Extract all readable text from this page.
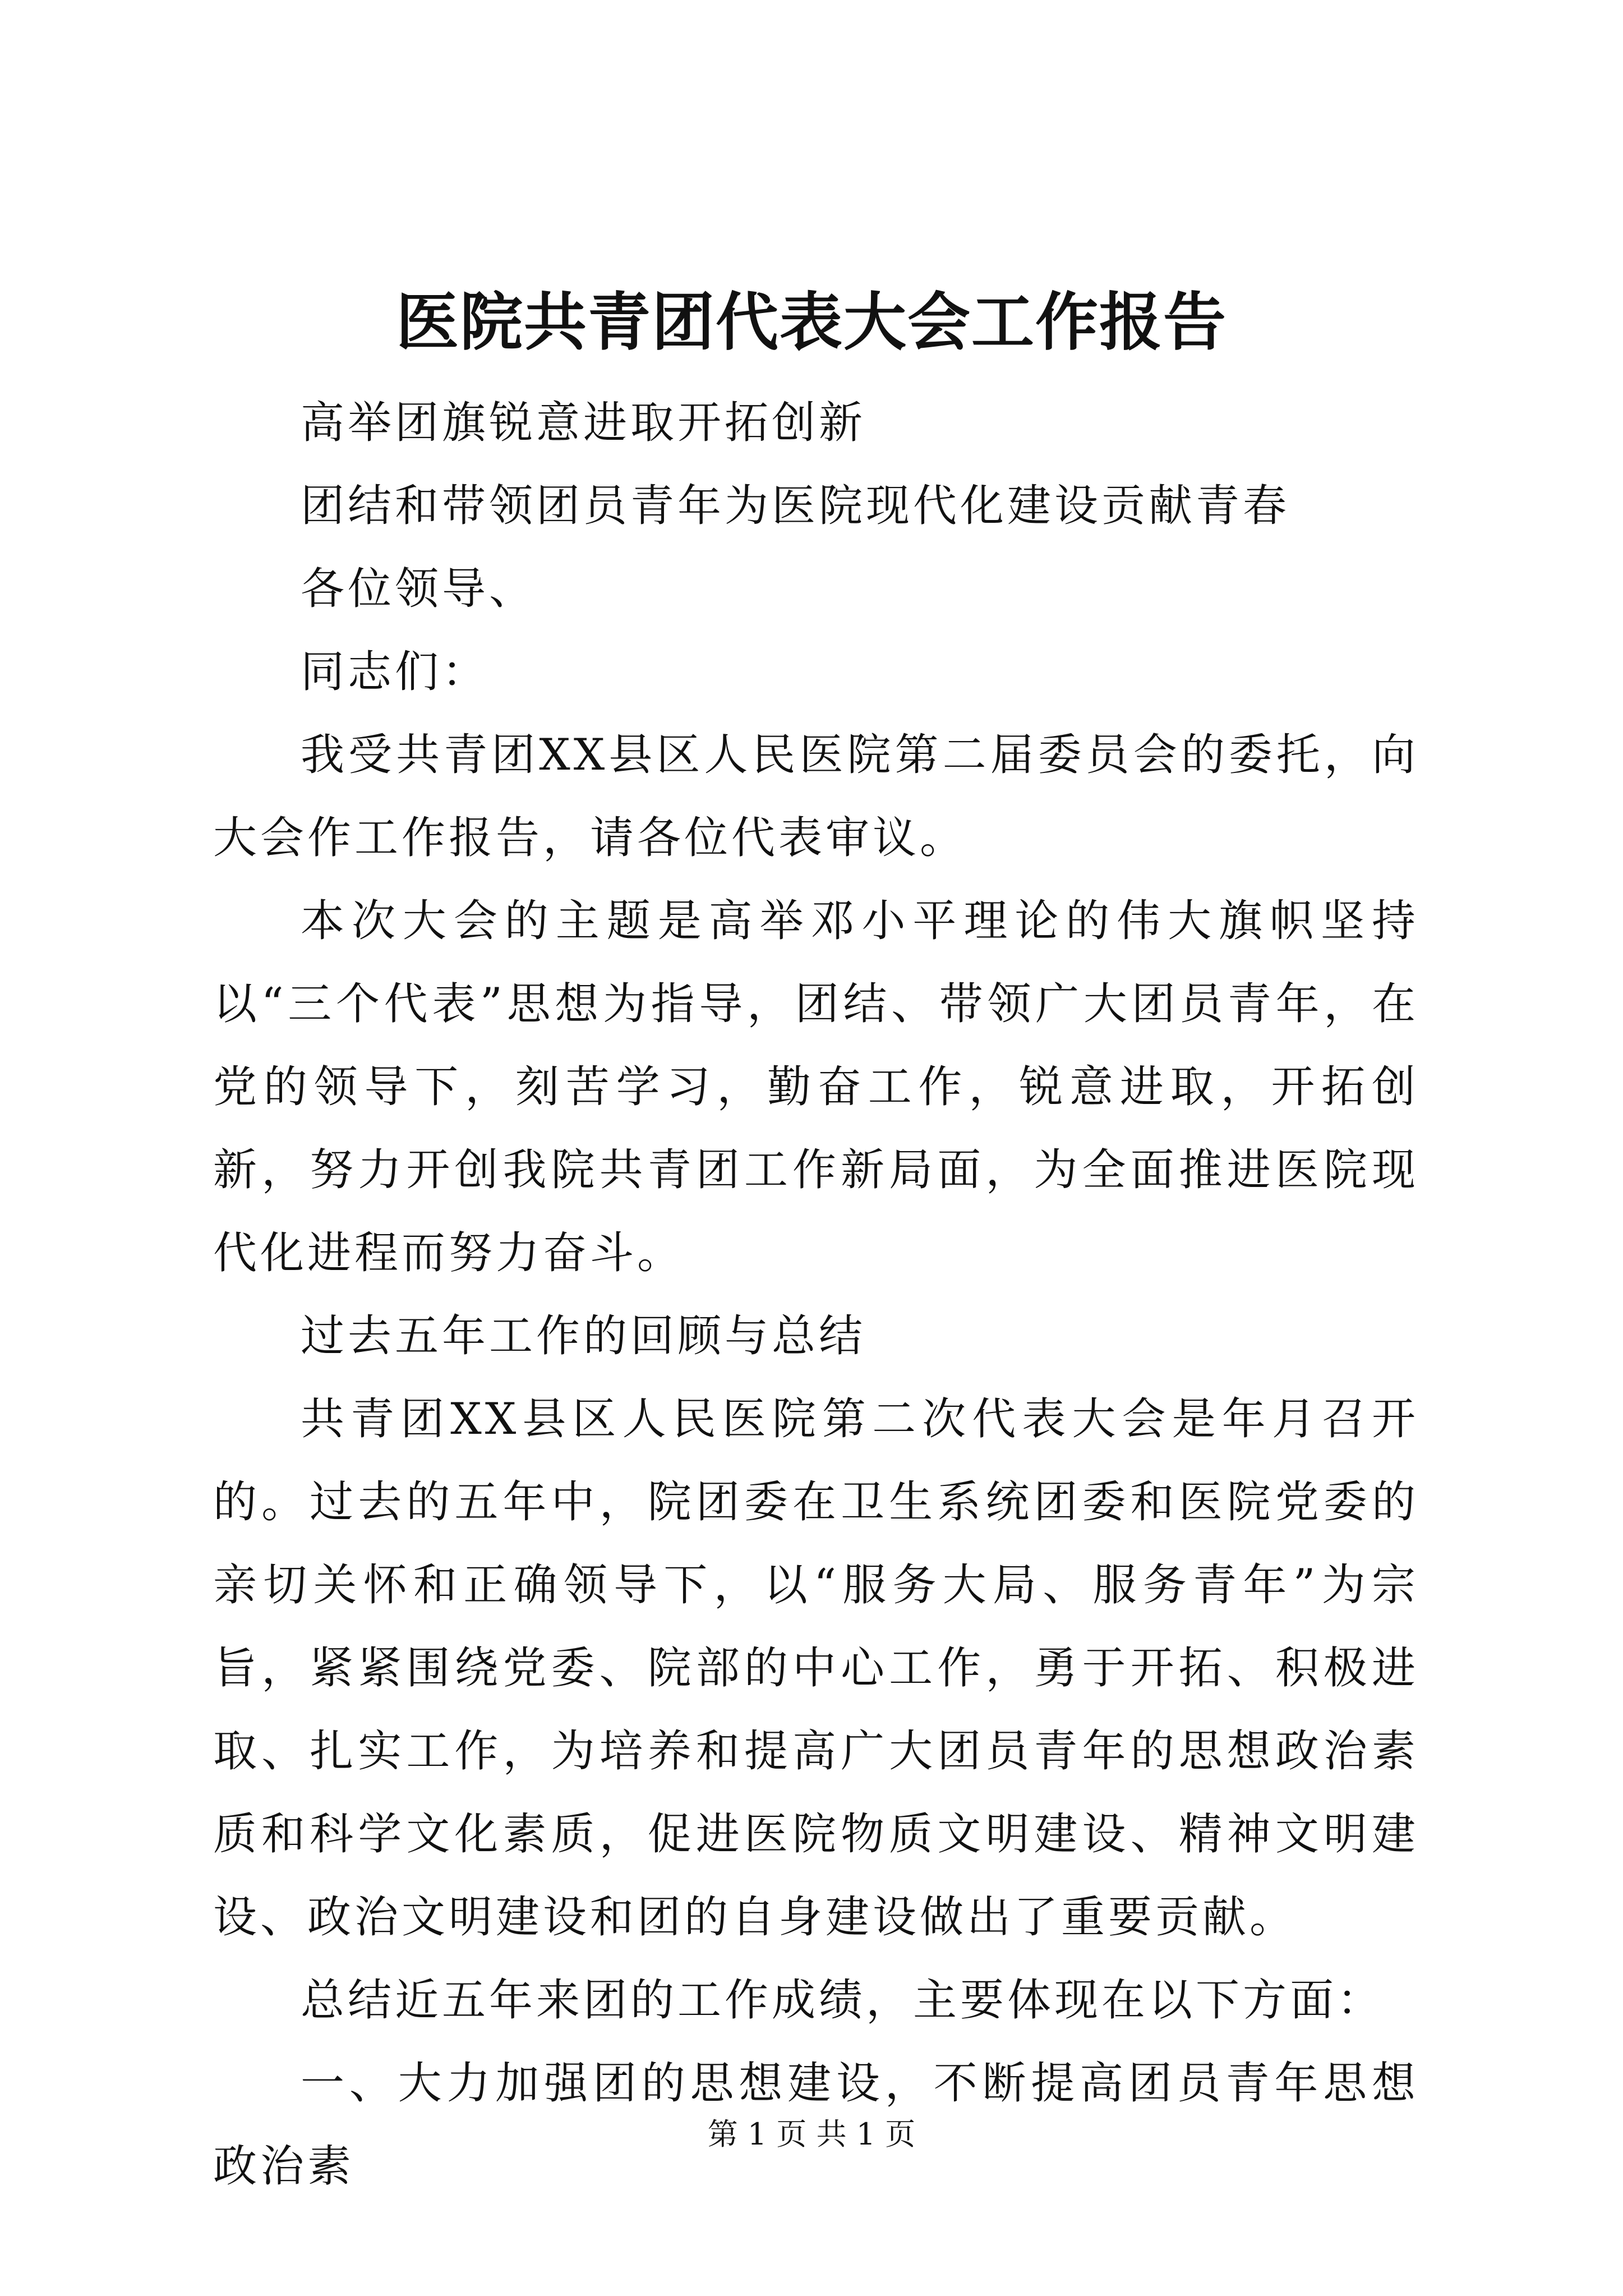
医院共青团代表大会工作报告

高举团旗锐意进取开拓创新

团结和带领团员青年为医院现代化建设贡献青春

各位领导、

同志们：

我受共青团XX县区人民医院第二届委员会的委托，向大会作工作报告，请各位代表审议。

本次大会的主题是高举邓小平理论的伟大旗帜坚持以“三个代表”思想为指导，团结、带领广大团员青年，在党的领导下，刻苦学习，勤奋工作，锐意进取，开拓创新，努力开创我院共青团工作新局面，为全面推进医院现代化进程而努力奋斗。

过去五年工作的回顾与总结

共青团XX县区人民医院第二次代表大会是年月召开的。过去的五年中，院团委在卫生系统团委和医院党委的亲切关怀和正确领导下，以“服务大局、服务青年”为宗旨，紧紧围绕党委、院部的中心工作，勇于开拓、积极进取、扎实工作，为培养和提高广大团员青年的思想政治素质和科学文化素质，促进医院物质文明建设、精神文明建设、政治文明建设和团的自身建设做出了重要贡献。

总结近五年来团的工作成绩，主要体现在以下方面：

一、大力加强团的思想建设，不断提高团员青年思想政治素

第 1 页 共 1 页
